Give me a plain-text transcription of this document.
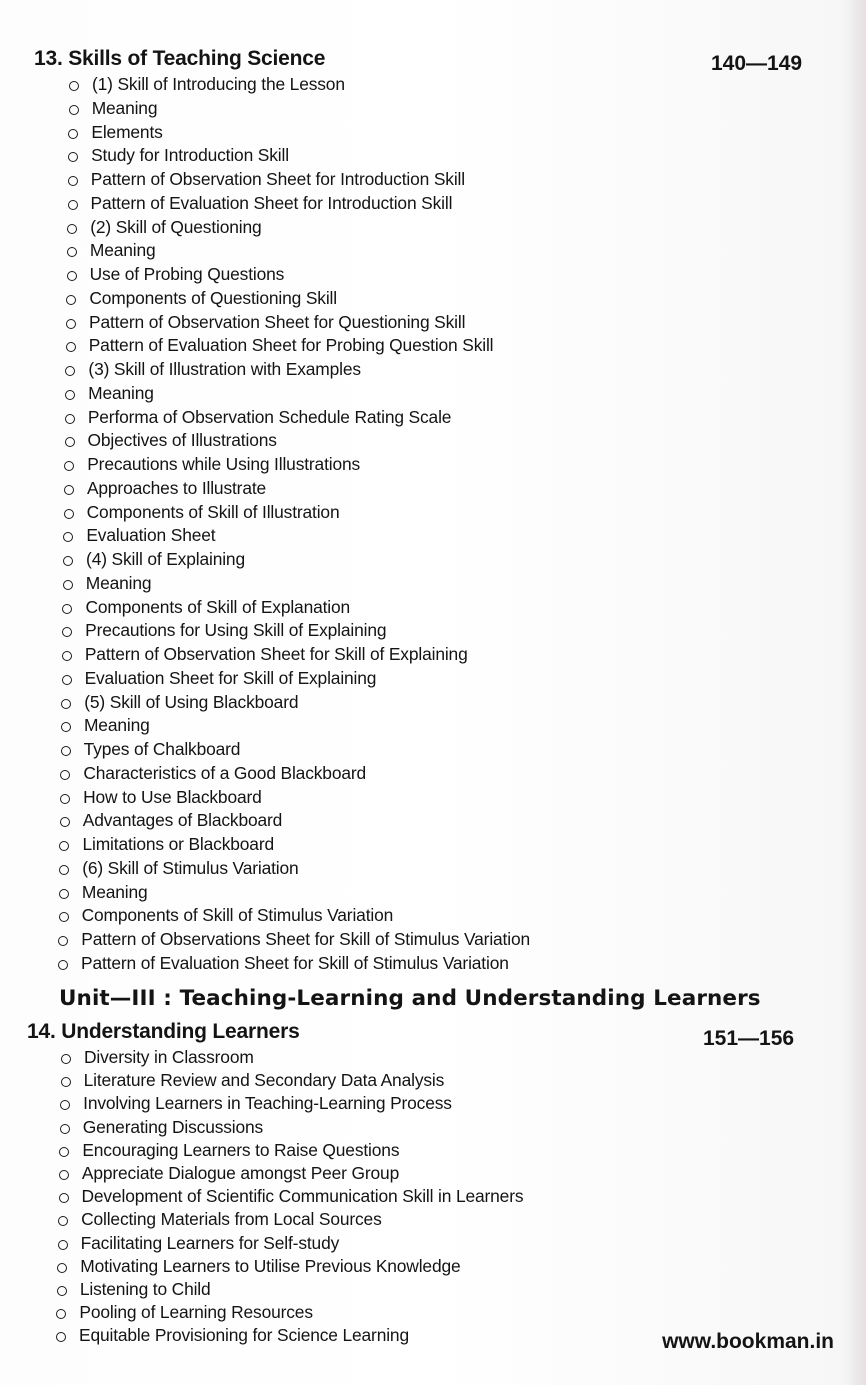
13. Skills of Teaching Science	140—149
(1) Skill of Introducing the Lesson
Meaning
Elements
Study for Introduction Skill
Pattern of Observation Sheet for Introduction Skill
Pattern of Evaluation Sheet for Introduction Skill
(2) Skill of Questioning
Meaning
Use of Probing Questions
Components of Questioning Skill
Pattern of Observation Sheet for Questioning Skill
Pattern of Evaluation Sheet for Probing Question Skill
(3) Skill of Illustration with Examples
Meaning
Performa of Observation Schedule Rating Scale
Objectives of Illustrations
Precautions while Using Illustrations
Approaches to Illustrate
Components of Skill of Illustration
Evaluation Sheet
(4) Skill of Explaining
Meaning
Components of Skill of Explanation
Precautions for Using Skill of Explaining
Pattern of Observation Sheet for Skill of Explaining
Evaluation Sheet for Skill of Explaining
(5) Skill of Using Blackboard
Meaning
Types of Chalkboard
Characteristics of a Good Blackboard
How to Use Blackboard
Advantages of Blackboard
Limitations or Blackboard
(6) Skill of Stimulus Variation
Meaning
Components of Skill of Stimulus Variation
Pattern of Observations Sheet for Skill of Stimulus Variation
Pattern of Evaluation Sheet for Skill of Stimulus Variation
Unit—III : Teaching-Learning and Understanding Learners
14. Understanding Learners	151—156
Diversity in Classroom
Literature Review and Secondary Data Analysis
Involving Learners in Teaching-Learning Process
Generating Discussions
Encouraging Learners to Raise Questions
Appreciate Dialogue amongst Peer Group
Development of Scientific Communication Skill in Learners
Collecting Materials from Local Sources
Facilitating Learners for Self-study
Motivating Learners to Utilise Previous Knowledge
Listening to Child
Pooling of Learning Resources
Equitable Provisioning for Science Learning	www.bookman.in
